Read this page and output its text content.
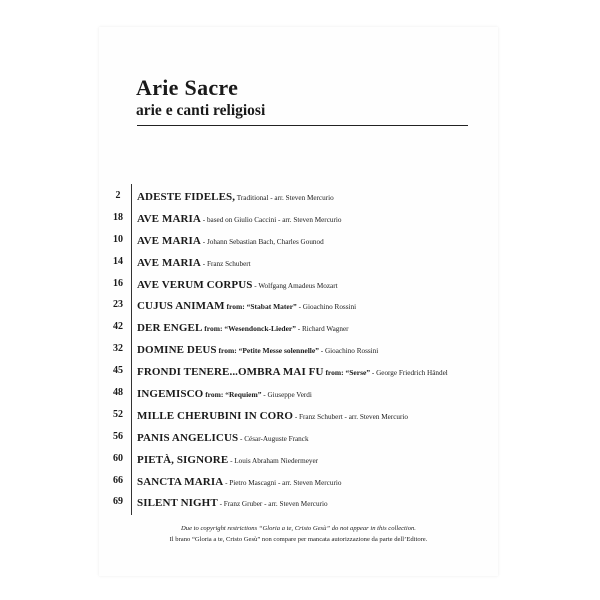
Arie Sacre
arie e canti religiosi
2	ADESTE FIDELES, Traditional - arr. Steven Mercurio
18	AVE MARIA - based on Giulio Caccini - arr. Steven Mercurio
10	AVE MARIA - Johann Sebastian Bach, Charles Gounod
14	AVE MARIA - Franz Schubert
16	AVE VERUM CORPUS - Wolfgang Amadeus Mozart
23	CUJUS ANIMAM from: “Stabat Mater” - Gioachino Rossini
42	DER ENGEL from: “Wesendonck-Lieder” - Richard Wagner
32	DOMINE DEUS from: “Petite Messe solennelle” - Gioachino Rossini
45	FRONDI TENERE...OMBRA MAI FU from: “Serse” - George Friedrich Händel
48	INGEMISCO from: “Requiem” - Giuseppe Verdi
52	MILLE CHERUBINI IN CORO - Franz Schubert - arr. Steven Mercurio
56	PANIS ANGELICUS - César-Auguste Franck
60	PIETÀ, SIGNORE - Louis Abraham Niedermeyer
66	SANCTA MARIA - Pietro Mascagni - arr. Steven Mercurio
69	SILENT NIGHT - Franz Gruber - arr. Steven Mercurio

Due to copyright restrictions “Gloria a te, Cristo Gesù” do not appear in this collection.

Il brano “Gloria a te, Cristo Gesù” non compare per mancata autorizzazione da parte dell’Editore.
